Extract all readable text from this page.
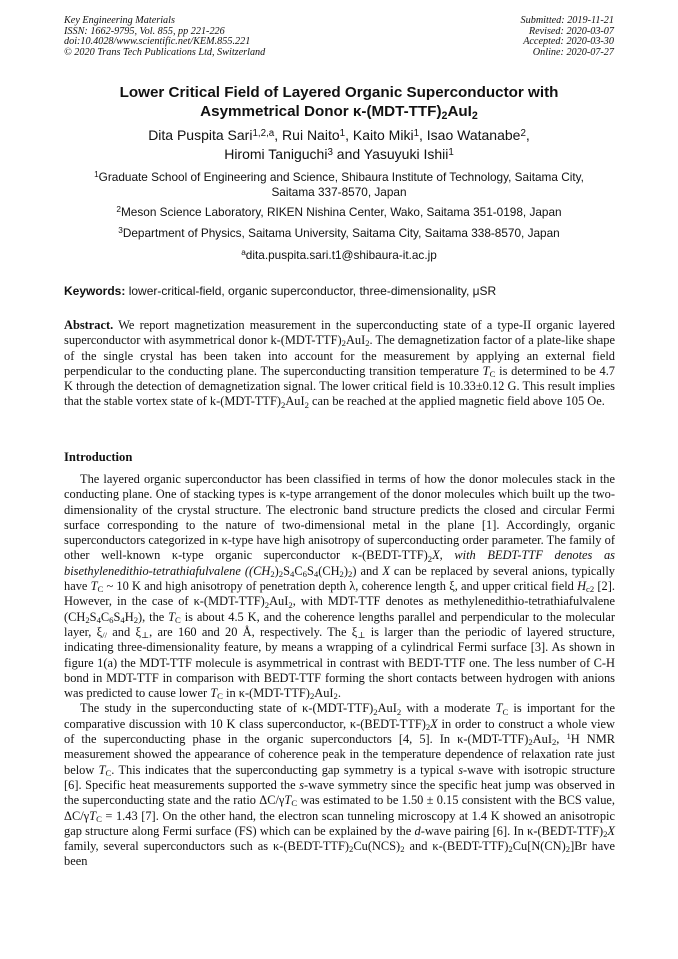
Key Engineering Materials
ISSN: 1662-9795, Vol. 855, pp 221-226
doi:10.4028/www.scientific.net/KEM.855.221
© 2020 Trans Tech Publications Ltd, Switzerland
Submitted: 2019-11-21
Revised: 2020-03-07
Accepted: 2020-03-30
Online: 2020-07-27
Lower Critical Field of Layered Organic Superconductor with
Asymmetrical Donor $\kappa-(MDT-TTF)_2AuI_2$
Dita Puspita Sari$^{1,2,a}$, Rui Naito$^1$, Kaito Miki$^1$, Isao Watanabe$^2$,
Hiromi Taniguchi$^3$ and Yasuyuki Ishii$^1$
$^1$Graduate School of Engineering and Science, Shibaura Institute of Technology, Saitama City,
Saitama 337-8570, Japan
$^2$Meson Science Laboratory, RIKEN Nishina Center, Wako, Saitama 351-0198, Japan
$^3$Department of Physics, Saitama University, Saitama City, Saitama 338-8570, Japan
$^a$dita.puspita.sari.t1@shibaura-it.ac.jp
Keywords: lower-critical-field, organic superconductor, three-dimensionality, μSR
Abstract. We report magnetization measurement in the superconducting state of a type-II organic layered superconductor with asymmetrical donor $k-(MDT-TTF)_2AuI_2$. The demagnetization factor of a plate-like shape of the single crystal has been taken into account for the measurement by applying an external field perpendicular to the conducting plane. The superconducting transition temperature $T_C$ is determined to be 4.7 K through the detection of demagnetization signal. The lower critical field is 10.33±0.12 G. This result implies that the stable vortex state of $k-(MDT-TTF)_2AuI_2$ can be reached at the applied magnetic field above 105 Oe.
Introduction

The layered organic superconductor has been classified in terms of how the donor molecules stack in the conducting plane. One of stacking types is κ-type arrangement of the donor molecules which built up the two-dimensionality of the crystal structure. The electronic band structure predicts the closed and circular Fermi surface corresponding to the nature of two-dimensional metal in the plane [1]. Accordingly, organic superconductors categorized in κ-type have high anisotropy of superconducting order parameter. The family of other well-known κ-type organic superconductor $\kappa-(BEDT-TTF)_2X$, with BEDT-TTF denotes as bisethylenedithio-tetrathiafulvalene $((CH_2)_2S_4C_6S_4(CH_2)_2)$ and X can be replaced by several anions, typically have $T_C$ ~ 10 K and high anisotropy of penetration depth λ, coherence length ξ, and upper critical field $H_{c2}$ [2]. However, in the case of $\kappa-(MDT-TTF)_2AuI_2$, with MDT-TTF denotes as methylenedithio-tetrathiafulvalene $(CH_2S_4C_6S_4H_2)$, the $T_C$ is about 4.5 K, and the coherence lengths parallel and perpendicular to the molecular layer, $\xi_{//}$ and $\xi_\perp$, are 160 and 20 Å, respectively. The $\xi_\perp$ is larger than the periodic of layered structure, indicating three-dimensionality feature, by means a wrapping of a cylindrical Fermi surface [3]. As shown in figure 1(a) the MDT-TTF molecule is asymmetrical in contrast with BEDT-TTF one. The less number of C-H bond in MDT-TTF in comparison with BEDT-TTF forming the short contacts between hydrogen with anions was predicted to cause lower $T_C$ in $\kappa-(MDT-TTF)_2AuI_2$.

The study in the superconducting state of $\kappa-(MDT-TTF)_2AuI_2$ with a moderate $T_C$ is important for the comparative discussion with 10 K class superconductor, $\kappa-(BEDT-TTF)_2X$ in order to construct a whole view of the superconducting phase in the organic superconductors [4, 5]. In $\kappa-(MDT-TTF)_2AuI_2$, $^1$H NMR measurement showed the appearance of coherence peak in the temperature dependence of relaxation rate just below $T_C$. This indicates that the superconducting gap symmetry is a typical s-wave with isotropic structure [6]. Specific heat measurements supported the s-wave symmetry since the specific heat jump was observed in the superconducting state and the ratio $\Delta C/\gamma T_C$ was estimated to be 1.50 ± 0.15 consistent with the BCS value, $\Delta C/\gamma T_C = 1.43$ [7]. On the other hand, the electron scan tunneling microscopy at 1.4 K showed an anisotropic gap structure along Fermi surface (FS) which can be explained by the d-wave pairing [6]. In $\kappa-(BEDT-TTF)_2X$ family, several superconductors such as $\kappa-(BEDT-TTF)_2Cu(NCS)_2$ and $\kappa-(BEDT-TTF)_2Cu[N(CN)_2]Br$ have been
